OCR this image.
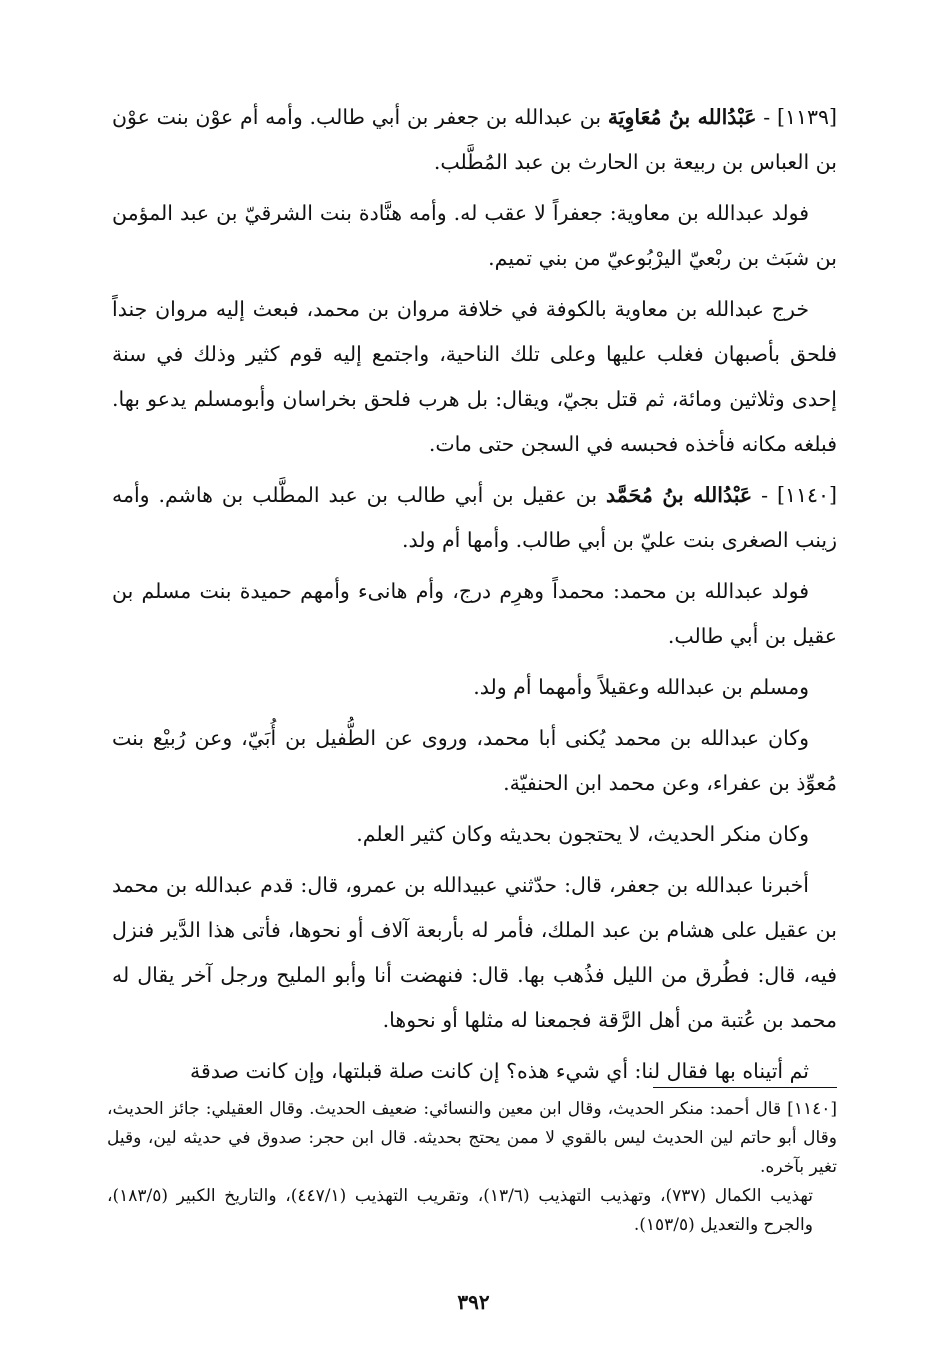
[١١٣٩] - عَبْدُالله بنُ مُعَاوِيَة بن عبدالله بن جعفر بن أبي طالب. وأمه أم عوْن بنت عوْن بن العباس بن ربيعة بن الحارث بن عبد المُطَّلب.

فولد عبدالله بن معاوية: جعفراً لا عقب له. وأمه هنَّادة بنت الشرقيّ بن عبد المؤمن بن شبَث بن ربْعيّ اليرْبُوعيّ من بني تميم.

خرج عبدالله بن معاوية بالكوفة في خلافة مروان بن محمد، فبعث إليه مروان جنداً فلحق بأصبهان فغلب عليها وعلى تلك الناحية، واجتمع إليه قوم كثير وذلك في سنة إحدى وثلاثين ومائة، ثم قتل بجيّ، ويقال: بل هرب فلحق بخراسان وأبومسلم يدعو بها. فبلغه مكانه فأخذه فحبسه في السجن حتى مات.

[١١٤٠] - عَبْدُالله بنُ مُحَمَّد بن عقيل بن أبي طالب بن عبد المطَّلب بن هاشم. وأمه زينب الصغرى بنت عليّ بن أبي طالب. وأمها أم ولد.

فولد عبدالله بن محمد: محمداً وهرِم درج، وأم هانىء وأمهم حميدة بنت مسلم بن عقيل بن أبي طالب.

ومسلم بن عبدالله وعقيلاً وأمهما أم ولد.

وكان عبدالله بن محمد يُكنى أبا محمد، وروى عن الطُّفيل بن أُبَيّ، وعن رُبيْع بنت مُعوِّذ بن عفراء، وعن محمد ابن الحنفيّة.

وكان منكر الحديث، لا يحتجون بحديثه وكان كثير العلم.

أخبرنا عبدالله بن جعفر، قال: حدّثني عبيدالله بن عمرو، قال: قدم عبدالله بن محمد بن عقيل على هشام بن عبد الملك، فأمر له بأربعة آلاف أو نحوها، فأتى هذا الدَّير فنزل فيه، قال: فطُرق من الليل فذُهب بها. قال: فنهضت أنا وأبو المليح ورجل آخر يقال له محمد بن عُتبة من أهل الرَّقة فجمعنا له مثلها أو نحوها.

ثم أتيناه بها فقال لنا: أي شيء هذه؟ إن كانت صلة قبلتها، وإن كانت صدقة

[١١٤٠] قال أحمد: منكر الحديث، وقال ابن معين والنسائي: ضعيف الحديث. وقال العقيلي: جائز الحديث، وقال أبو حاتم لين الحديث ليس بالقوي لا ممن يحتج بحديثه. قال ابن حجر: صدوق في حديثه لين، وقيل تغير بآخره.

تهذيب الكمال (٧٣٧)، وتهذيب التهذيب (١٣/٦)، وتقريب التهذيب (٤٤٧/١)، والتاريخ الكبير (١٨٣/٥)، والجرح والتعديل (١٥٣/٥).

٣٩٢
